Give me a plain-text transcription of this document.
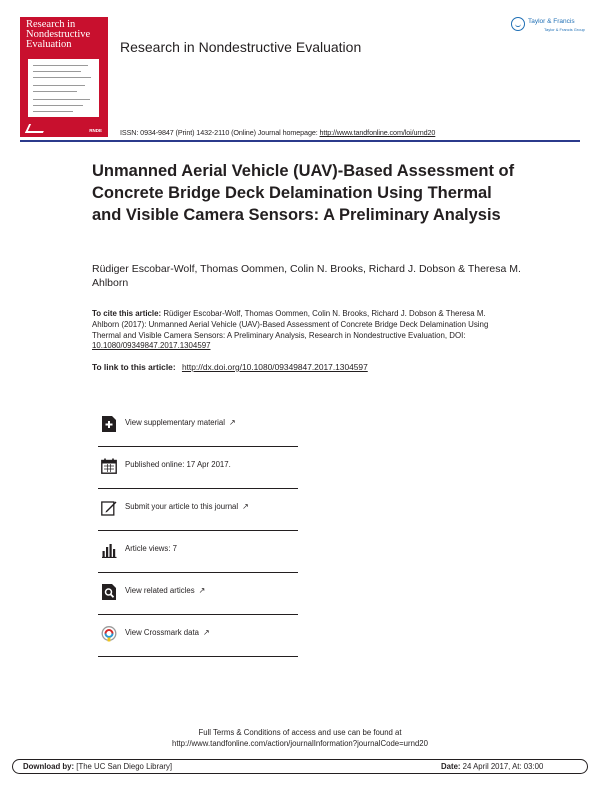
Research in
Nondestructive
Evaluation
RNDE
Research in Nondestructive Evaluation
ISSN: 0934-9847 (Print) 1432-2110 (Online) Journal homepage: http://www.tandfonline.com/loi/urnd20
Taylor & Francis
Taylor & Francis Group
Unmanned Aerial Vehicle (UAV)-Based Assessment of Concrete Bridge Deck Delamination Using Thermal and Visible Camera Sensors: A Preliminary Analysis
Rüdiger Escobar-Wolf, Thomas Oommen, Colin N. Brooks, Richard J. Dobson & Theresa M. Ahlborn
To cite this article: Rüdiger Escobar-Wolf, Thomas Oommen, Colin N. Brooks, Richard J. Dobson & Theresa M. Ahlborn (2017): Unmanned Aerial Vehicle (UAV)-Based Assessment of Concrete Bridge Deck Delamination Using Thermal and Visible Camera Sensors: A Preliminary Analysis, Research in Nondestructive Evaluation, DOI: 10.1080/09349847.2017.1304597
To link to this article: http://dx.doi.org/10.1080/09349847.2017.1304597
View supplementary material ↗
Published online: 17 Apr 2017.
Submit your article to this journal ↗
Article views: 7
View related articles ↗
View Crossmark data ↗
Full Terms & Conditions of access and use can be found at
http://www.tandfonline.com/action/journalInformation?journalCode=urnd20
Download by: [The UC San Diego Library]	Date: 24 April 2017, At: 03:00
